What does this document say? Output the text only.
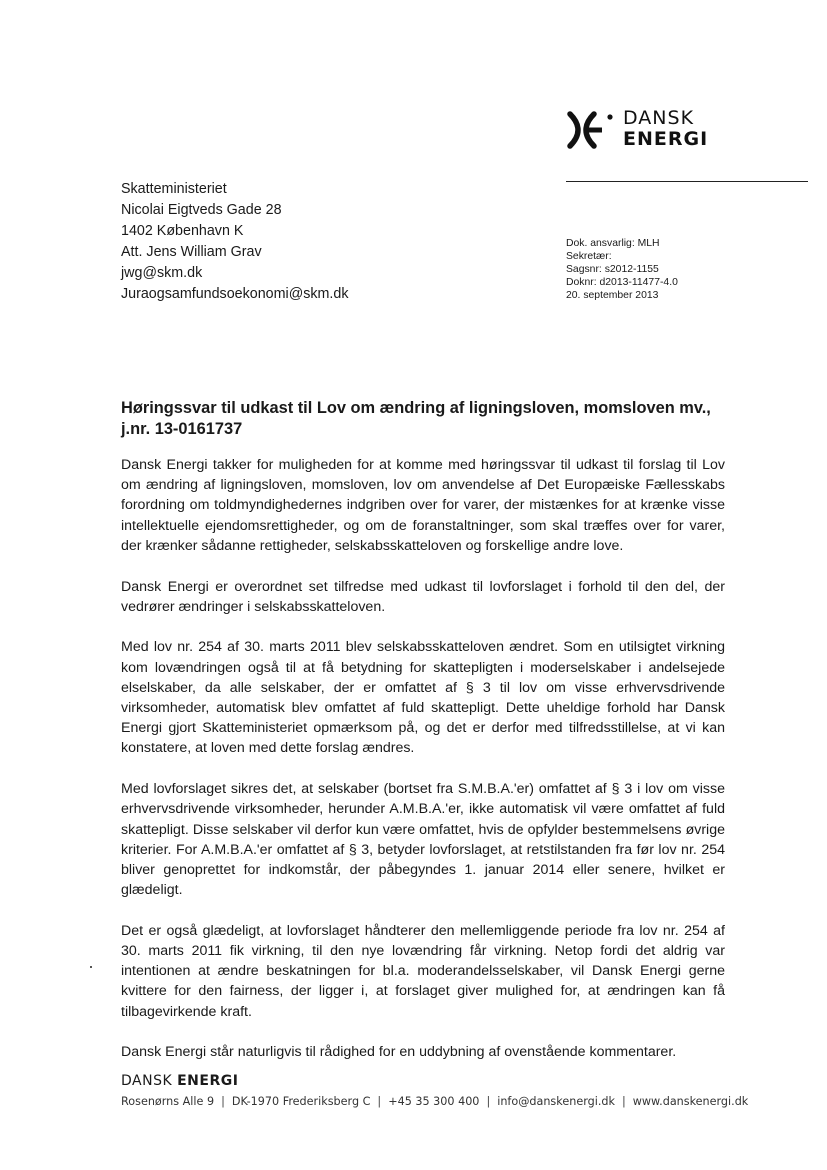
DANSK
ENERGI
Skatteministeriet
Nicolai Eigtveds Gade 28
1402 København K
Att. Jens William Grav
jwg@skm.dk
Juraogsamfundsoekonomi@skm.dk
Dok. ansvarlig: MLH
Sekretær:
Sagsnr: s2012-1155
Doknr: d2013-11477-4.0
20. september 2013
Høringssvar til udkast til Lov om ændring af ligningsloven, momsloven mv., j.nr. 13-0161737

Dansk Energi takker for muligheden for at komme med høringssvar til udkast til forslag til Lov om ændring af ligningsloven, momsloven, lov om anvendelse af Det Europæiske Fællesskabs forordning om toldmyndighedernes indgriben over for varer, der mistænkes for at krænke visse intellektuelle ejendomsrettigheder, og om de foranstaltninger, som skal træffes over for varer, der krænker sådanne rettigheder, selskabsskatteloven og forskellige andre love.

Dansk Energi er overordnet set tilfredse med udkast til lovforslaget i forhold til den del, der vedrører ændringer i selskabsskatteloven.

Med lov nr. 254 af 30. marts 2011 blev selskabsskatteloven ændret. Som en utilsigtet virkning kom lovændringen også til at få betydning for skattepligten i moderselskaber i andelsejede elselskaber, da alle selskaber, der er omfattet af § 3 til lov om visse erhvervsdrivende virksomheder, automatisk blev omfattet af fuld skattepligt. Dette uheldige forhold har Dansk Energi gjort Skatteministeriet opmærksom på, og det er derfor med tilfredsstillelse, at vi kan konstatere, at loven med dette forslag ændres.

Med lovforslaget sikres det, at selskaber (bortset fra S.M.B.A.'er) omfattet af § 3 i lov om visse erhvervsdrivende virksomheder, herunder A.M.B.A.'er, ikke automatisk vil være omfattet af fuld skattepligt. Disse selskaber vil derfor kun være omfattet, hvis de opfylder bestemmelsens øvrige kriterier. For A.M.B.A.'er omfattet af § 3, betyder lovforslaget, at retstilstanden fra før lov nr. 254 bliver genoprettet for indkomstår, der påbegyndes 1. januar 2014 eller senere, hvilket er glædeligt.

Det er også glædeligt, at lovforslaget håndterer den mellemliggende periode fra lov nr. 254 af 30. marts 2011 fik virkning, til den nye lovændring får virkning. Netop fordi det aldrig var intentionen at ændre beskatningen for bl.a. moderandelsselskaber, vil Dansk Energi gerne kvittere for den fairness, der ligger i, at forslaget giver mulighed for, at ændringen kan få tilbagevirkende kraft.

Dansk Energi står naturligvis til rådighed for en uddybning af ovenstående kommentarer.

DANSK ENERGI
Rosenørns Alle 9 | DK-1970 Frederiksberg C | +45 35 300 400 | info@danskenergi.dk | www.danskenergi.dk
